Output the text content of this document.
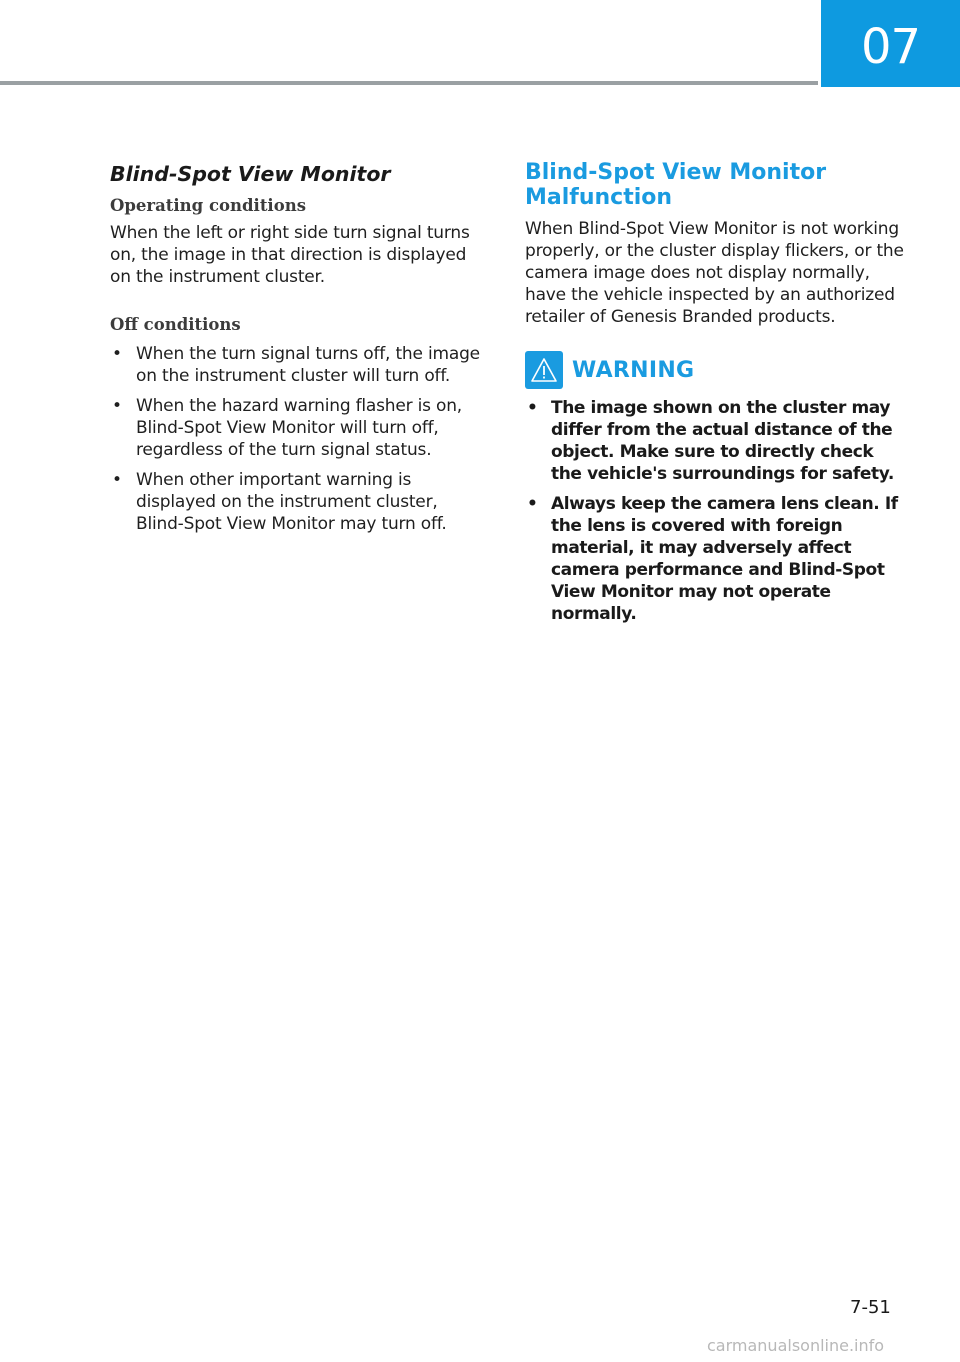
07
Blind-Spot View Monitor
Operating conditions

When the left or right side turn signal turns on, the image in that direction is displayed on the instrument cluster.

Off conditions
• When the turn signal turns off, the image on the instrument cluster will turn off.
• When the hazard warning flasher is on, Blind-Spot View Monitor will turn off, regardless of the turn signal status.
• When other important warning is displayed on the instrument cluster, Blind-Spot View Monitor may turn off.
Blind-Spot View Monitor
Malfunction

When Blind-Spot View Monitor is not working properly, or the cluster display flickers, or the camera image does not display normally, have the vehicle inspected by an authorized retailer of Genesis Branded products.

WARNING
• The image shown on the cluster may differ from the actual distance of the object. Make sure to directly check the vehicle's surroundings for safety.
• Always keep the camera lens clean. If the lens is covered with foreign material, it may adversely affect camera performance and Blind-Spot View Monitor may not operate normally.
7-51
carmanualsonline.info
